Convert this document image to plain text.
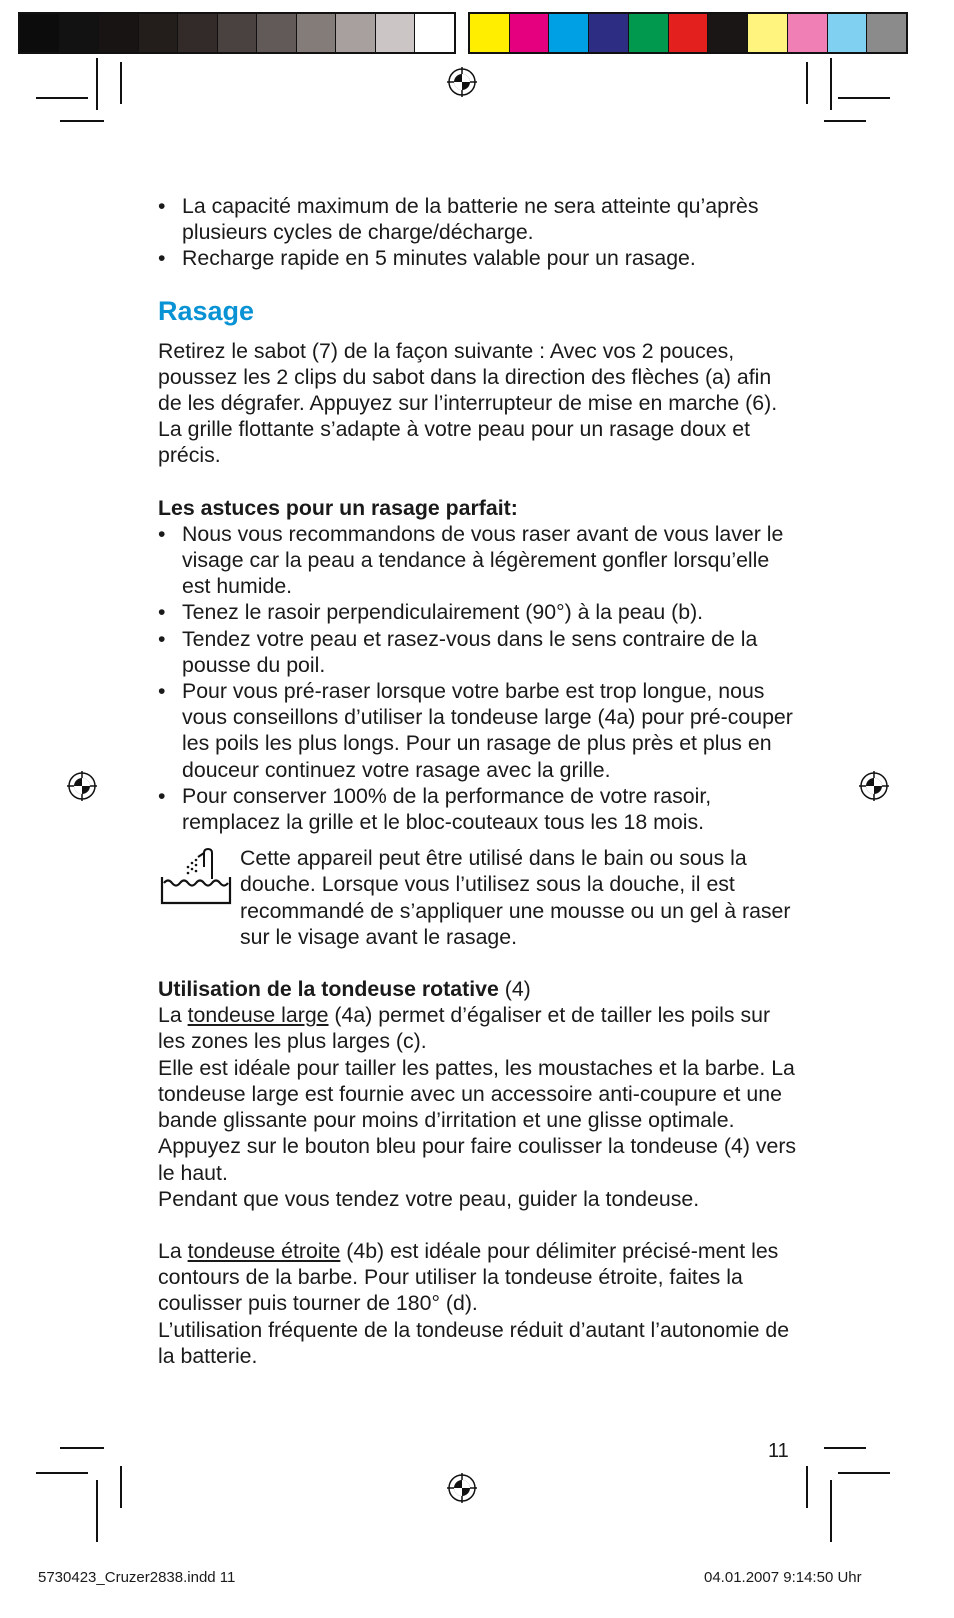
• La capacité maximum de la batterie ne sera atteinte qu’après plusieurs cycles de charge/décharge.
• Recharge rapide en 5 minutes valable pour un rasage.
Rasage

Retirez le sabot (7) de la façon suivante : Avec vos 2 pouces, poussez les 2 clips du sabot dans la direction des flèches (a) afin de les dégrafer. Appuyez sur l’interrupteur de mise en marche (6). La grille flottante s’adapte à votre peau pour un rasage doux et précis.

Les astuces pour un rasage parfait:

• Nous vous recommandons de vous raser avant de vous laver le visage car la peau a tendance à légèrement gonfler lorsqu’elle est humide.
• Tenez le rasoir perpendiculairement (90°) à la peau (b).
• Tendez votre peau et rasez-vous dans le sens contraire de la pousse du poil.
• Pour vous pré-raser lorsque votre barbe est trop longue, nous vous conseillons d’utiliser la tondeuse large (4a) pour pré-couper les poils les plus longs. Pour un rasage de plus près et plus en douceur continuez votre rasage avec la grille.
• Pour conserver 100% de la performance de votre rasoir, remplacez la grille et le bloc-couteaux tous les 18 mois.

Cette appareil peut être utilisé dans le bain ou sous la douche. Lorsque vous l’utilisez sous la douche, il est recommandé de s’appliquer une mousse ou un gel à raser sur le visage avant le rasage.

Utilisation de la tondeuse rotative (4)

La tondeuse large (4a) permet d’égaliser et de tailler les poils sur les zones les plus larges (c).

Elle est idéale pour tailler les pattes, les moustaches et la barbe. La tondeuse large est fournie avec un accessoire anti-coupure et une bande glissante pour moins d’irritation et une glisse optimale.

Appuyez sur le bouton bleu pour faire coulisser la tondeuse (4) vers le haut.

Pendant que vous tendez votre peau, guider la tondeuse.

La tondeuse étroite (4b) est idéale pour délimiter précisé-ment les contours de la barbe. Pour utiliser la tondeuse étroite, faites la coulisser puis tourner de 180° (d).

L’utilisation fréquente de la tondeuse réduit d’autant l’autonomie de la batterie.

11
5730423_Cruzer2838.indd 11	04.01.2007 9:14:50 Uhr
